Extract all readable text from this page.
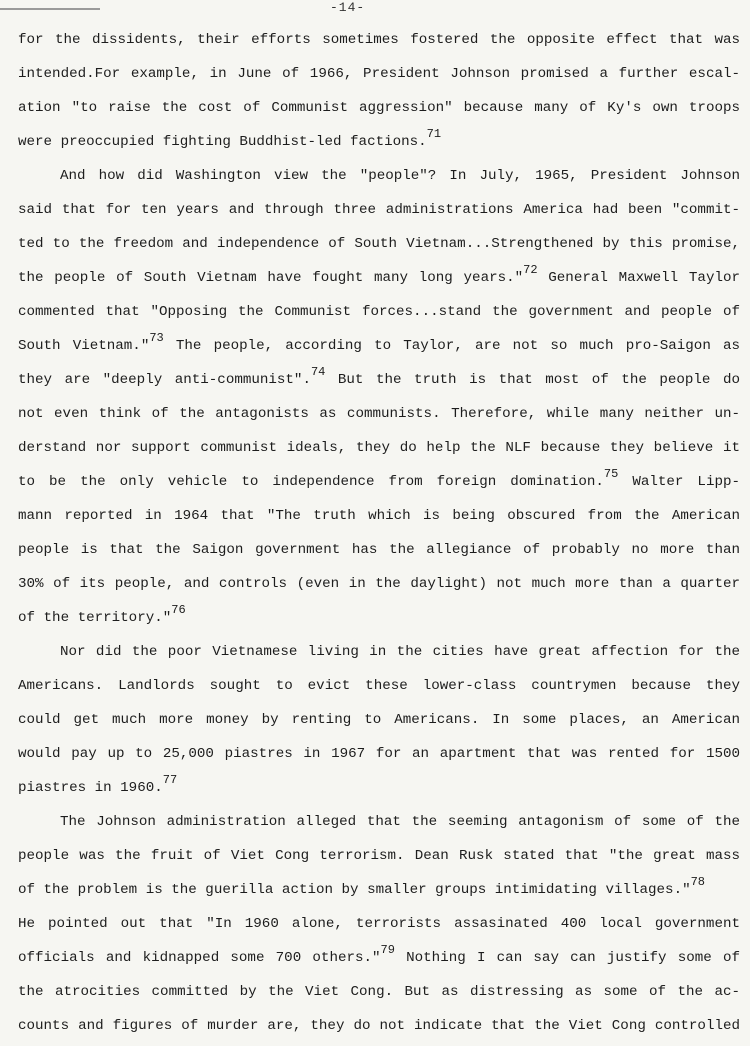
-14-
for the dissidents, their efforts sometimes fostered the opposite effect that was
intended.For example, in June of 1966, President Johnson promised a further escal-
ation "to raise the cost of Communist aggression" because many of Ky's own troops
were preoccupied fighting Buddhist-led factions.$^{71}$
And how did Washington view the "people"? In July, 1965, President Johnson
said that for ten years and through three administrations America had been "commit-
ted to the freedom and independence of South Vietnam...Strengthened by this promise,
the people of South Vietnam have fought many long years."$^{72}$ General Maxwell Taylor
commented that "Opposing the Communist forces...stand the government and people of
South Vietnam."$^{73}$ The people, according to Taylor, are not so much pro-Saigon as
they are "deeply anti-communist".$^{74}$ But the truth is that most of the people do
not even think of the antagonists as communists. Therefore, while many neither un-
derstand nor support communist ideals, they do help the NLF because they believe it
to be the only vehicle to independence from foreign domination.$^{75}$ Walter Lipp-
mann reported in 1964 that "The truth which is being obscured from the American
people is that the Saigon government has the allegiance of probably no more than
30% of its people, and controls (even in the daylight) not much more than a quarter
of the territory."$^{76}$
Nor did the poor Vietnamese living in the cities have great affection for the
Americans. Landlords sought to evict these lower-class countrymen because they
could get much more money by renting to Americans. In some places, an American
would pay up to 25,000 piastres in 1967 for an apartment that was rented for 1500
piastres in 1960.77
The Johnson administration alleged that the seeming antagonism of some of the
people was the fruit of Viet Cong terrorism. Dean Rusk stated that "the great mass
of the problem is the guerilla action by smaller groups intimidating villages."$^{78}$
He pointed out that "In 1960 alone, terrorists assasinated 400 local government
officials and kidnapped some 700 others."$^{79}$ Nothing I can say can justify some of
the atrocities committed by the Viet Cong. But as distressing as some of the ac-
counts and figures of murder are, they do not indicate that the Viet Cong controlled
